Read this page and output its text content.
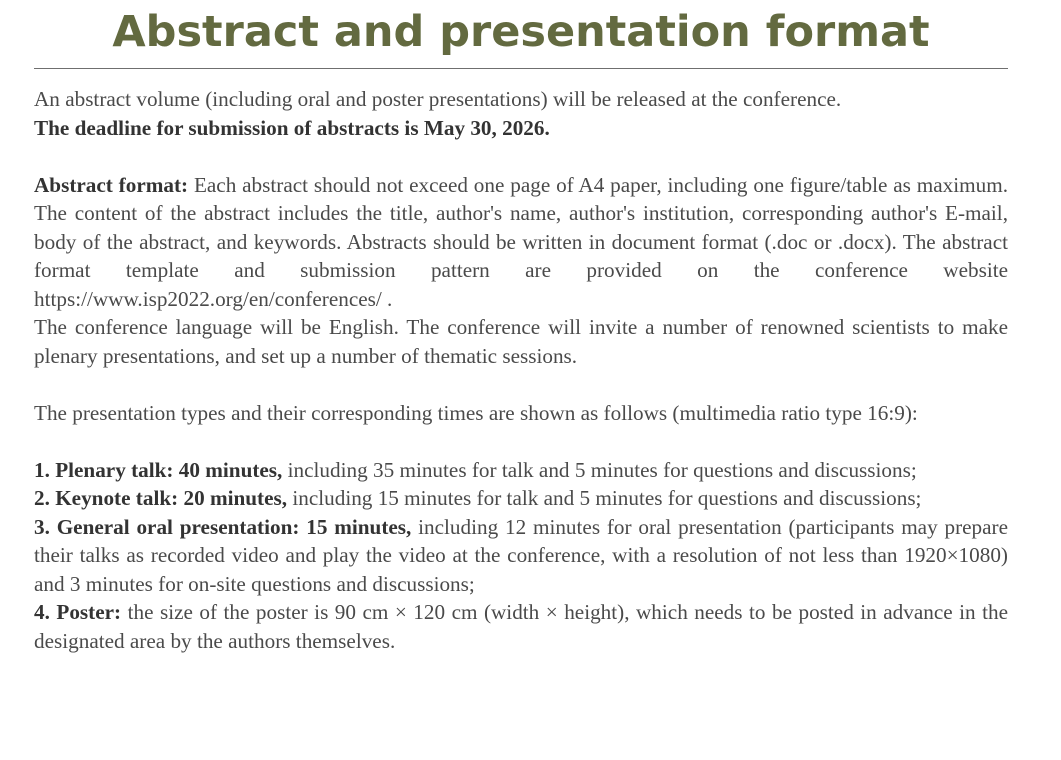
Abstract and presentation format

An abstract volume (including oral and poster presentations) will be released at the conference.
The deadline for submission of abstracts is May 30, 2026.

Abstract format: Each abstract should not exceed one page of A4 paper, including one figure/table as maximum. The content of the abstract includes the title, author's name, author's institution, corresponding author's E-mail, body of the abstract, and keywords. Abstracts should be written in document format (.doc or .docx). The abstract format template and submission pattern are provided on the conference website https://www.isp2022.org/en/conferences/ .

The conference language will be English. The conference will invite a number of renowned scientists to make plenary presentations, and set up a number of thematic sessions.

The presentation types and their corresponding times are shown as follows (multimedia ratio type 16:9):

1. Plenary talk: 40 minutes, including 35 minutes for talk and 5 minutes for questions and discussions;

2. Keynote talk: 20 minutes, including 15 minutes for talk and 5 minutes for questions and discussions;

3. General oral presentation: 15 minutes, including 12 minutes for oral presentation (participants may prepare their talks as recorded video and play the video at the conference, with a resolution of not less than 1920×1080) and 3 minutes for on-site questions and discussions;

4. Poster: the size of the poster is 90 cm × 120 cm (width × height), which needs to be posted in advance in the designated area by the authors themselves.
